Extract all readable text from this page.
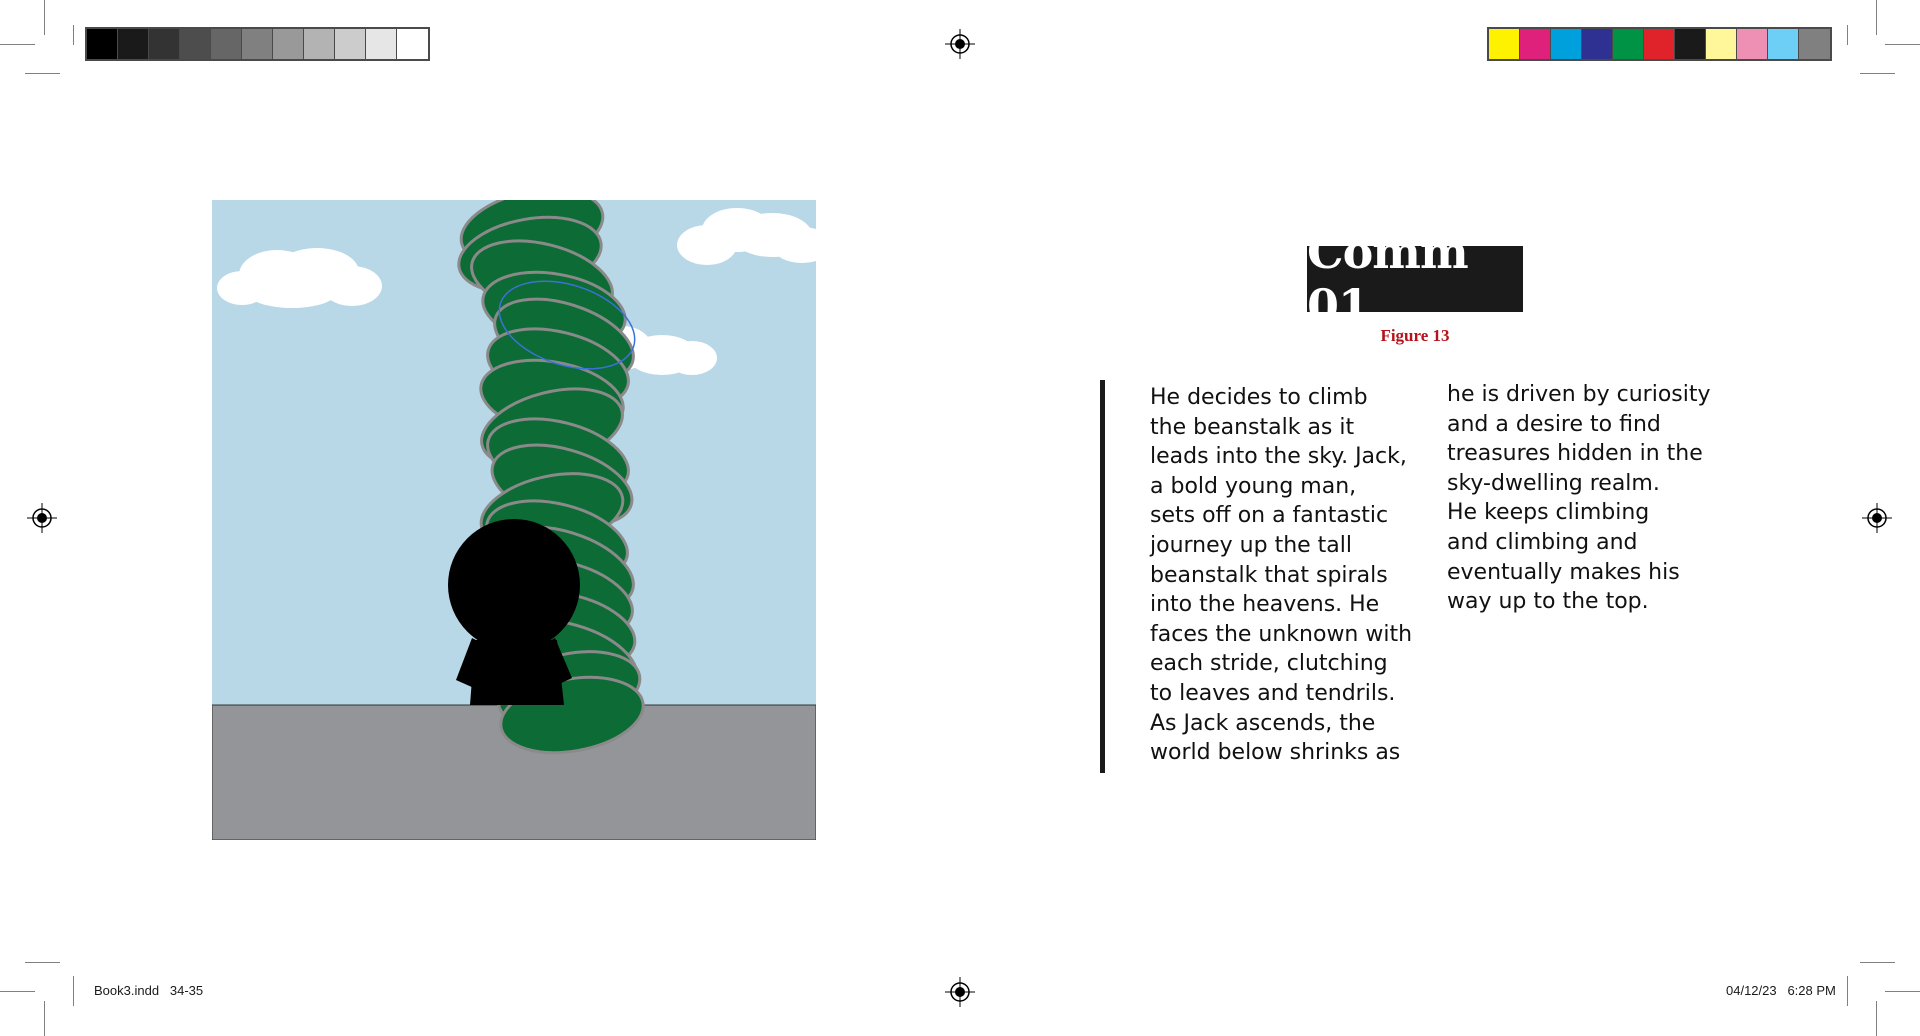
Comm 01
Figure 13
He decides to climb
the beanstalk as it
leads into the sky. Jack,
a bold young man,
sets off on a fantastic
journey up the tall
beanstalk that spirals
into the heavens. He
faces the unknown with
each stride, clutching
to leaves and tendrils.
As Jack ascends, the
world below shrinks as
he is driven by curiosity
and a desire to find
treasures hidden in the
sky-dwelling realm.
He keeps climbing
and climbing and
eventually makes his
way up to the top.
Book3.indd   34-35	04/12/23   6:28 PM
